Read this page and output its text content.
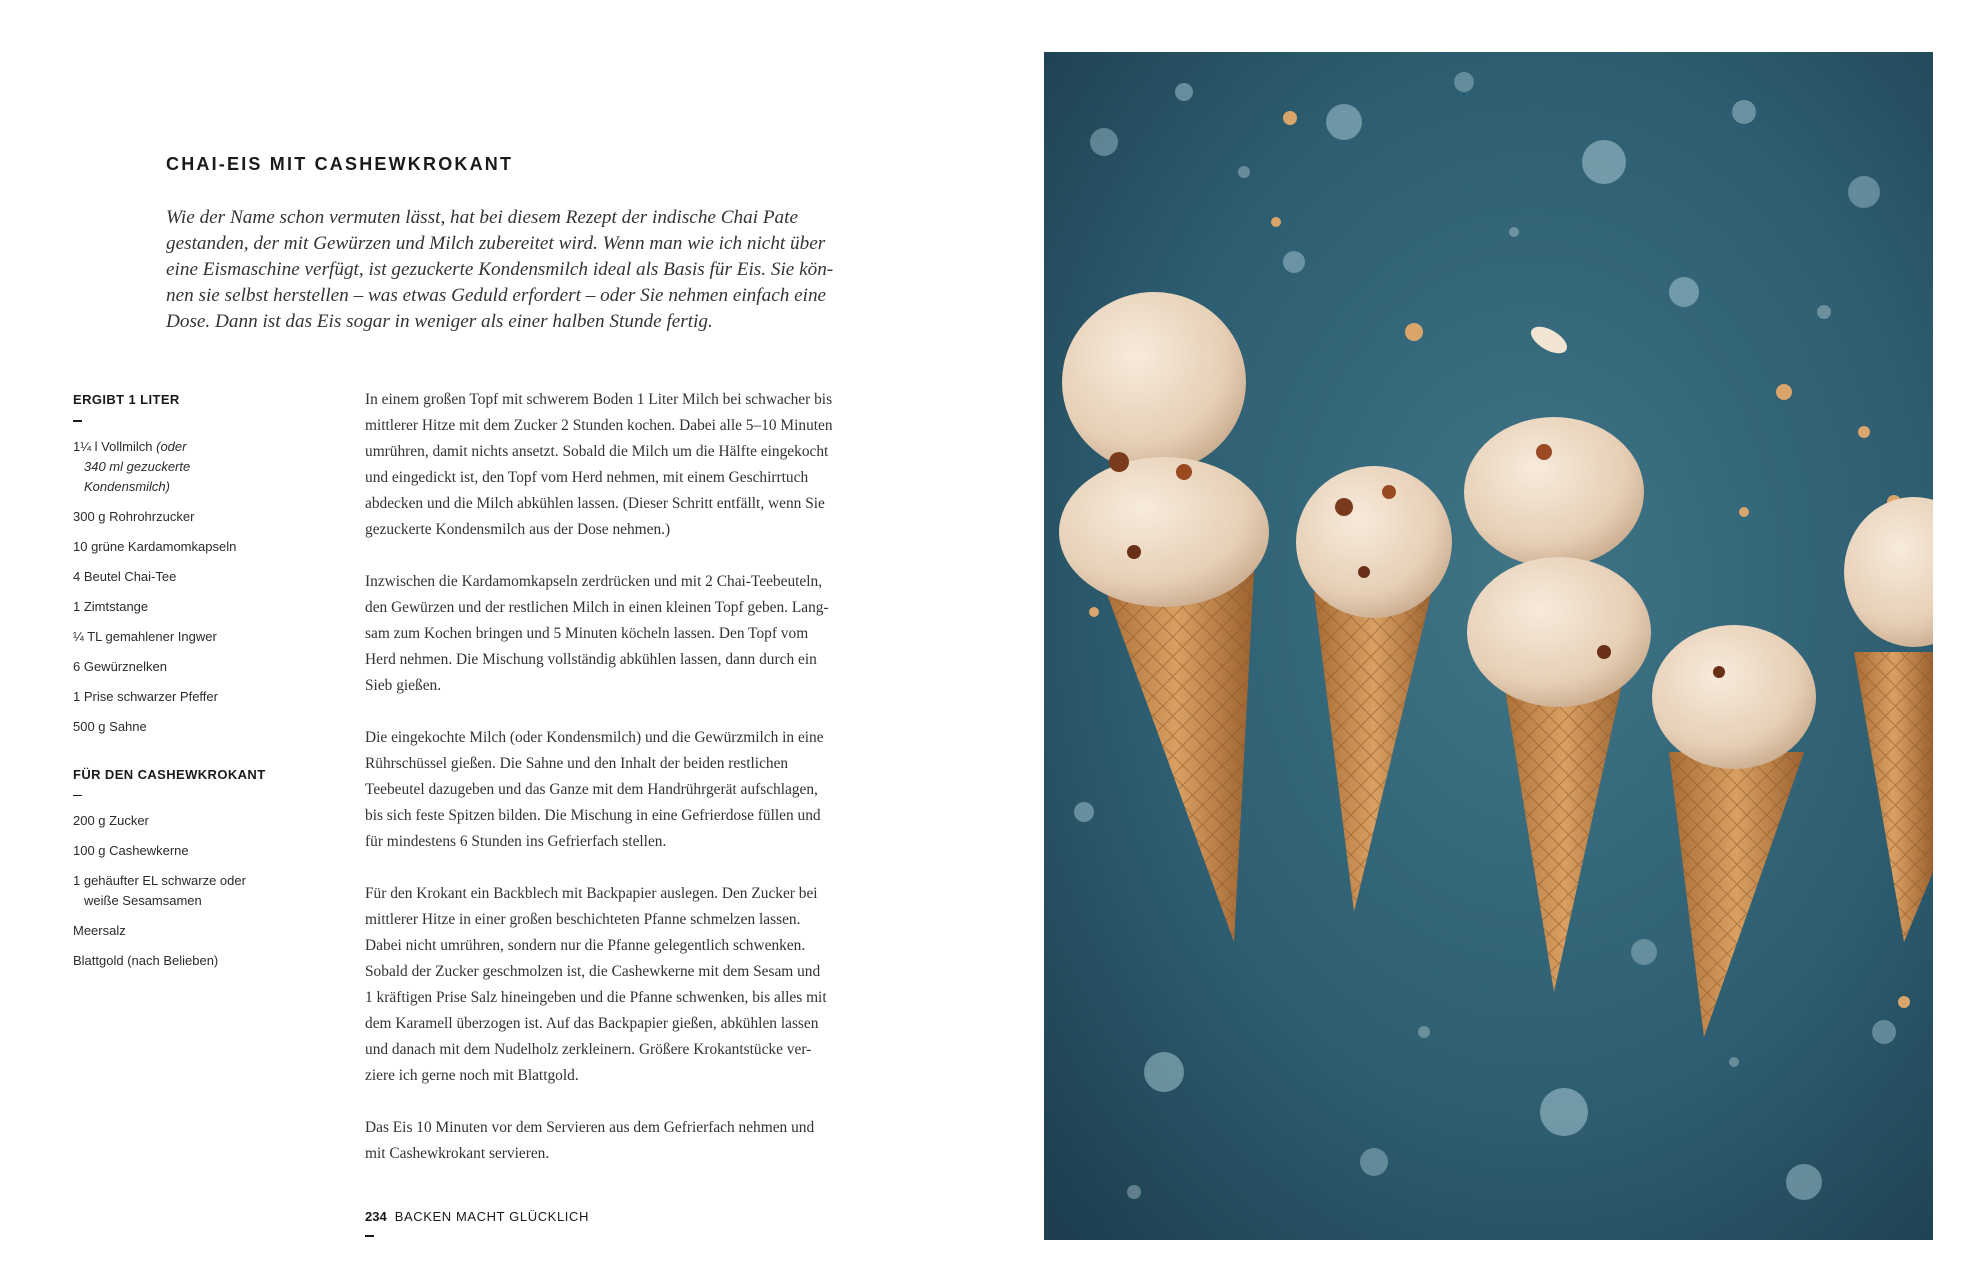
CHAI-EIS MIT CASHEWKROKANT

Wie der Name schon vermuten lässt, hat bei diesem Rezept der indische Chai Pate

gestanden, der mit Gewürzen und Milch zubereitet wird. Wenn man wie ich nicht über

eine Eismaschine verfügt, ist gezuckerte Kondensmilch ideal als Basis für Eis. Sie kön-

nen sie selbst herstellen – was etwas Geduld erfordert – oder Sie nehmen einfach eine

Dose. Dann ist das Eis sogar in weniger als einer halben Stunde fertig.

ERGIBT 1 LITER
1¼ l Vollmilch (oder
340 ml gezuckerte
Kondensmilch)
300 g Rohrohrzucker
10 grüne Kardamomkapseln
4 Beutel Chai-Tee
1 Zimtstange
¼ TL gemahlener Ingwer
6 Gewürznelken
1 Prise schwarzer Pfeffer
500 g Sahne
FÜR DEN CASHEWKROKANT
200 g Zucker
100 g Cashewkerne
1 gehäufter EL schwarze oder
weiße Sesamsamen
Meersalz
Blattgold (nach Belieben)

In einem großen Topf mit schwerem Boden 1 Liter Milch bei schwacher bis
mittlerer Hitze mit dem Zucker 2 Stunden kochen. Dabei alle 5–10 Minuten
umrühren, damit nichts ansetzt. Sobald die Milch um die Hälfte eingekocht
und eingedickt ist, den Topf vom Herd nehmen, mit einem Geschirrtuch
abdecken und die Milch abkühlen lassen. (Dieser Schritt entfällt, wenn Sie
gezuckerte Kondensmilch aus der Dose nehmen.)

Inzwischen die Kardamomkapseln zerdrücken und mit 2 Chai-Teebeuteln,
den Gewürzen und der restlichen Milch in einen kleinen Topf geben. Lang-
sam zum Kochen bringen und 5 Minuten köcheln lassen. Den Topf vom
Herd nehmen. Die Mischung vollständig abkühlen lassen, dann durch ein
Sieb gießen.

Die eingekochte Milch (oder Kondensmilch) und die Gewürzmilch in eine
Rührschüssel gießen. Die Sahne und den Inhalt der beiden restlichen
Teebeutel dazugeben und das Ganze mit dem Handrührgerät aufschlagen,
bis sich feste Spitzen bilden. Die Mischung in eine Gefrierdose füllen und
für mindestens 6 Stunden ins Gefrierfach stellen.

Für den Krokant ein Backblech mit Backpapier auslegen. Den Zucker bei
mittlerer Hitze in einer großen beschichteten Pfanne schmelzen lassen.
Dabei nicht umrühren, sondern nur die Pfanne gelegentlich schwenken.
Sobald der Zucker geschmolzen ist, die Cashewkerne mit dem Sesam und
1 kräftigen Prise Salz hineingeben und die Pfanne schwenken, bis alles mit
dem Karamell überzogen ist. Auf das Backpapier gießen, abkühlen lassen
und danach mit dem Nudelholz zerkleinern. Größere Krokantstücke ver-
ziere ich gerne noch mit Blattgold.

Das Eis 10 Minuten vor dem Servieren aus dem Gefrierfach nehmen und
mit Cashewkrokant servieren.

234 BACKEN MACHT GLÜCKLICH
